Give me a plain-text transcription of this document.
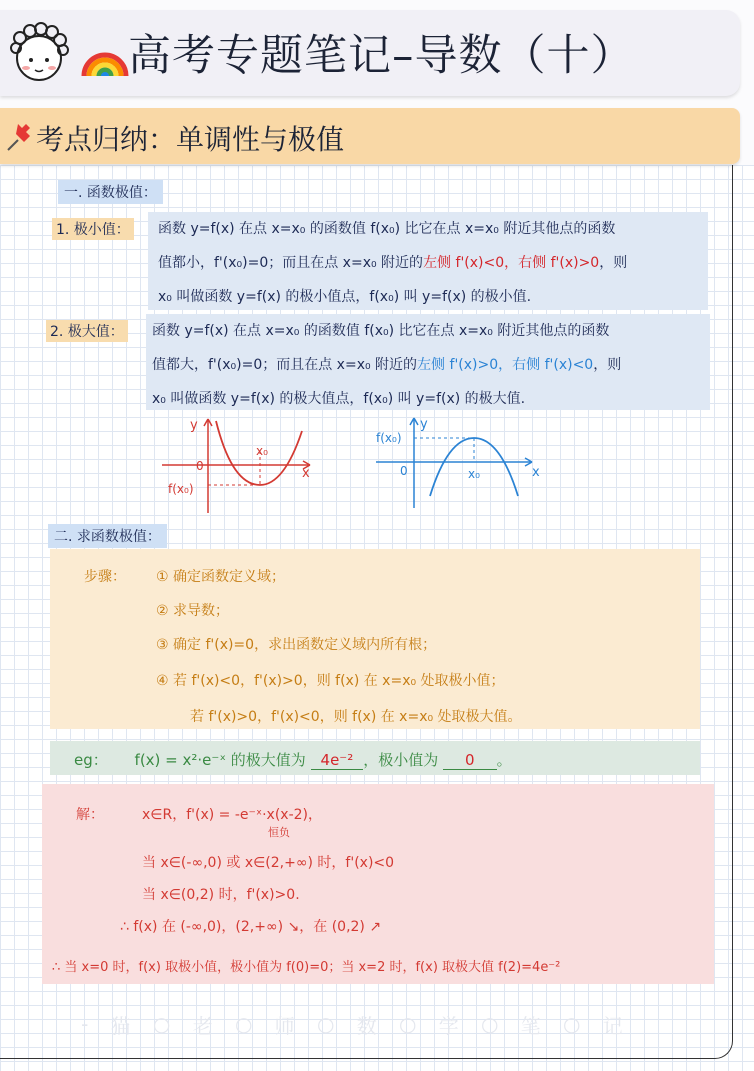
高考专题笔记–导数（十）
考点归纳：单调性与极值
一. 函数极值：
1. 极小值： 函数 y=f(x) 在点 x=x₀ 的函数值 f(x₀) 比它在点 x=x₀ 附近其他点的函数
值都小，f'(x₀)=0；而且在点 x=x₀ 附近的左侧 f'(x)<0，右侧 f'(x)>0，则
x₀ 叫做函数 y=f(x) 的极小值点，f(x₀) 叫 y=f(x) 的极小值.
2. 极大值： 函数 y=f(x) 在点 x=x₀ 的函数值 f(x₀) 比它在点 x=x₀ 附近其他点的函数
值都大，f'(x₀)=0；而且在点 x=x₀ 附近的左侧 f'(x)>0，右侧 f'(x)<0，则
x₀ 叫做函数 y=f(x) 的极大值点，f(x₀) 叫 y=f(x) 的极大值.
y
x
0
x₀
f(x₀)
y
x
0	x₀
f(x₀)
二. 求函数极值：
步骤： ① 确定函数定义域；
② 求导数；
③ 确定 f'(x)=0，求出函数定义域内所有根；
④ 若 f'(x)<0，f'(x)>0，则 f(x) 在 x=x₀ 处取极小值；
若 f'(x)>0，f'(x)<0，则 f(x) 在 x=x₀ 处取极大值。
eg： f(x) = x²·e⁻ˣ 的极大值为 4e⁻² ，极小值为 0 。
解：	x∈R，f'(x) = -e⁻ˣ·x(x-2)，
恒负
当 x∈(-∞,0) 或 x∈(2,+∞) 时，f'(x)<0
当 x∈(0,2) 时，f'(x)>0.
∴ f(x) 在 (-∞,0)，(2,+∞) ↘，在 (0,2) ↗
∴ 当 x=0 时，f(x) 取极小值，极小值为 f(0)=0；当 x=2 时，f(x) 取极大值 f(2)=4e⁻²
- 猫 ○ 老 ○ 师 ○ 数 ○ 学 ○ 笔 ○ 记
